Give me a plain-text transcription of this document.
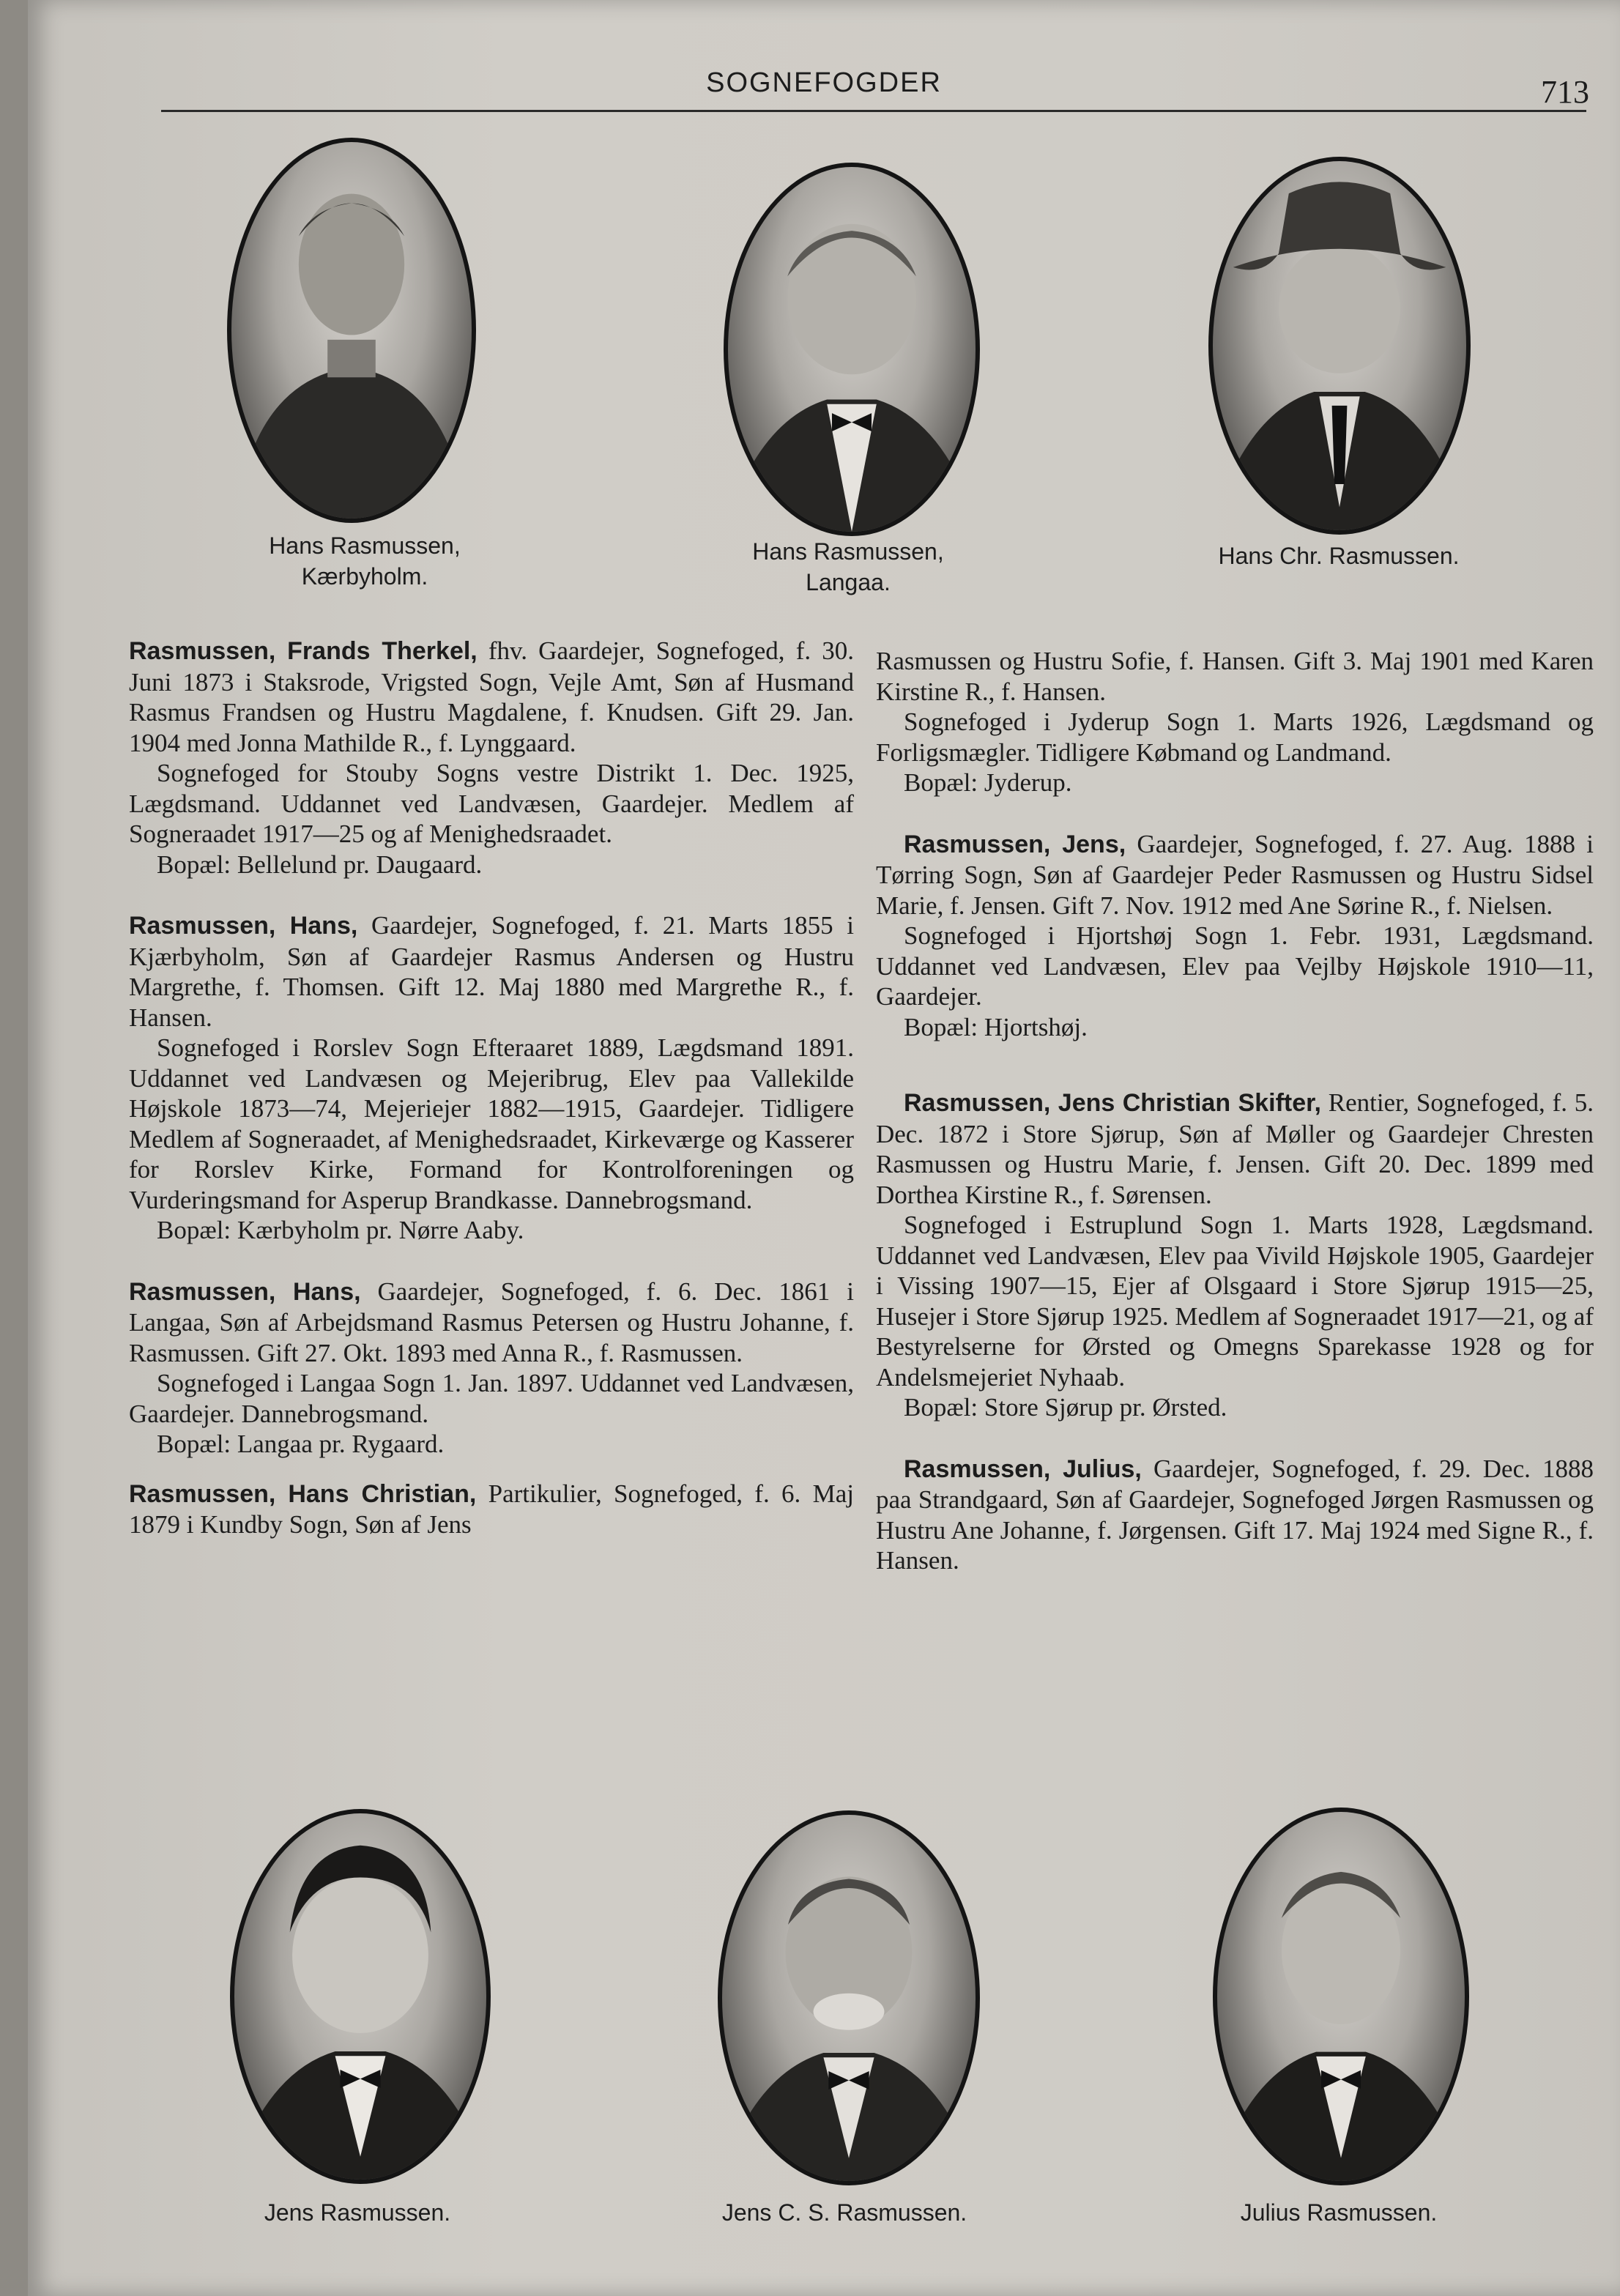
SOGNEFOGDER	713
Hans Rasmussen,
Kærbyholm.
Hans Rasmussen,
Langaa.
Hans Chr. Rasmussen.

Rasmussen, Frands Therkel, fhv. Gaardejer, Sognefoged, f. 30. Juni 1873 i Staksrode, Vrigsted Sogn, Vejle Amt, Søn af Husmand Rasmus Frandsen og Hustru Magdalene, f. Knudsen. Gift 29. Jan. 1904 med Jonna Mathilde R., f. Lynggaard.

Sognefoged for Stouby Sogns vestre Distrikt 1. Dec. 1925, Lægdsmand. Uddannet ved Landvæsen, Gaardejer. Medlem af Sogneraadet 1917—25 og af Menighedsraadet.

Bopæl: Bellelund pr. Daugaard.

Rasmussen, Hans, Gaardejer, Sognefoged, f. 21. Marts 1855 i Kjærbyholm, Søn af Gaardejer Rasmus Andersen og Hustru Margrethe, f. Thomsen. Gift 12. Maj 1880 med Margrethe R., f. Hansen.

Sognefoged i Rorslev Sogn Efteraaret 1889, Lægdsmand 1891. Uddannet ved Landvæsen og Mejeribrug, Elev paa Vallekilde Højskole 1873—74, Mejeriejer 1882—1915, Gaardejer. Tidligere Medlem af Sogneraadet, af Menighedsraadet, Kirkeværge og Kasserer for Rorslev Kirke, Formand for Kontrolforeningen og Vurderingsmand for Asperup Brandkasse. Dannebrogsmand.

Bopæl: Kærbyholm pr. Nørre Aaby.

Rasmussen, Hans, Gaardejer, Sognefoged, f. 6. Dec. 1861 i Langaa, Søn af Arbejdsmand Rasmus Petersen og Hustru Johanne, f. Rasmussen. Gift 27. Okt. 1893 med Anna R., f. Rasmussen.

Sognefoged i Langaa Sogn 1. Jan. 1897. Uddannet ved Landvæsen, Gaardejer. Dannebrogsmand.

Bopæl: Langaa pr. Rygaard.

Rasmussen, Hans Christian, Partikulier, Sognefoged, f. 6. Maj 1879 i Kundby Sogn, Søn af Jens

Rasmussen og Hustru Sofie, f. Hansen. Gift 3. Maj 1901 med Karen Kirstine R., f. Hansen.

Sognefoged i Jyderup Sogn 1. Marts 1926, Lægdsmand og Forligsmægler. Tidligere Købmand og Landmand.

Bopæl: Jyderup.

Rasmussen, Jens, Gaardejer, Sognefoged, f. 27. Aug. 1888 i Tørring Sogn, Søn af Gaardejer Peder Rasmussen og Hustru Sidsel Marie, f. Jensen. Gift 7. Nov. 1912 med Ane Sørine R., f. Nielsen.

Sognefoged i Hjortshøj Sogn 1. Febr. 1931, Lægdsmand. Uddannet ved Landvæsen, Elev paa Vejlby Højskole 1910—11, Gaardejer.

Bopæl: Hjortshøj.

Rasmussen, Jens Christian Skifter, Rentier, Sognefoged, f. 5. Dec. 1872 i Store Sjørup, Søn af Møller og Gaardejer Chresten Rasmussen og Hustru Marie, f. Jensen. Gift 20. Dec. 1899 med Dorthea Kirstine R., f. Sørensen.

Sognefoged i Estruplund Sogn 1. Marts 1928, Lægdsmand. Uddannet ved Landvæsen, Elev paa Vivild Højskole 1905, Gaardejer i Vissing 1907—15, Ejer af Olsgaard i Store Sjørup 1915—25, Husejer i Store Sjørup 1925. Medlem af Sogneraadet 1917—21, og af Bestyrelserne for Ørsted og Omegns Sparekasse 1928 og for Andelsmejeriet Nyhaab.

Bopæl: Store Sjørup pr. Ørsted.

Rasmussen, Julius, Gaardejer, Sognefoged, f. 29. Dec. 1888 paa Strandgaard, Søn af Gaardejer, Sognefoged Jørgen Rasmussen og Hustru Ane Johanne, f. Jørgensen. Gift 17. Maj 1924 med Signe R., f. Hansen.

Jens Rasmussen.	Jens C. S. Rasmussen.	Julius Rasmussen.
